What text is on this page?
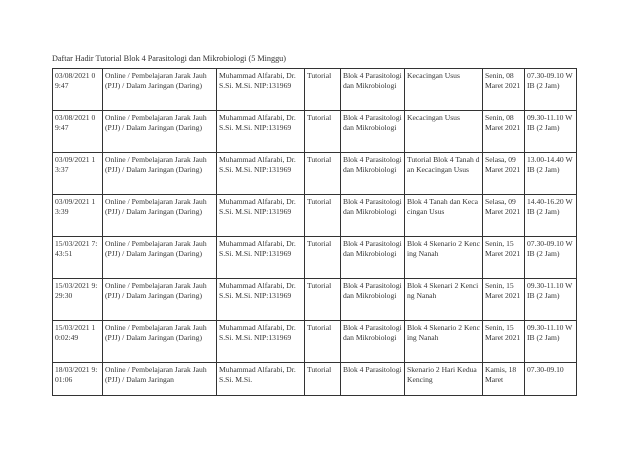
Daftar Hadir Tutorial Blok 4 Parasitologi dan Mikrobiologi (5 Minggu)
03/08/2021 09:47	Online / Pembelajaran Jarak Jauh (PJJ) / Dalam Jaringan (Daring)	Muhammad Alfarabi, Dr. S.Si. M.Si. NIP:131969	Tutorial	Blok 4 Parasitologi dan Mikrobiologi	Kecacingan Usus	Senin, 08 Maret 2021	07.30-09.10 WIB (2 Jam)
03/08/2021 09:47	Online / Pembelajaran Jarak Jauh (PJJ) / Dalam Jaringan (Daring)	Muhammad Alfarabi, Dr. S.Si. M.Si. NIP:131969	Tutorial	Blok 4 Parasitologi dan Mikrobiologi	Kecacingan Usus	Senin, 08 Maret 2021	09.30-11.10 WIB (2 Jam)
03/09/2021 13:37	Online / Pembelajaran Jarak Jauh (PJJ) / Dalam Jaringan (Daring)	Muhammad Alfarabi, Dr. S.Si. M.Si. NIP:131969	Tutorial	Blok 4 Parasitologi dan Mikrobiologi	Tutorial Blok 4 Tanah dan Kecacingan Usus	Selasa, 09 Maret 2021	13.00-14.40 WIB (2 Jam)
03/09/2021 13:39	Online / Pembelajaran Jarak Jauh (PJJ) / Dalam Jaringan (Daring)	Muhammad Alfarabi, Dr. S.Si. M.Si. NIP:131969	Tutorial	Blok 4 Parasitologi dan Mikrobiologi	Blok 4 Tanah dan Kecacingan Usus	Selasa, 09 Maret 2021	14.40-16.20 WIB (2 Jam)
15/03/2021 7:43:51	Online / Pembelajaran Jarak Jauh (PJJ) / Dalam Jaringan (Daring)	Muhammad Alfarabi, Dr. S.Si. M.Si. NIP:131969	Tutorial	Blok 4 Parasitologi dan Mikrobiologi	Blok 4 Skenario 2 Kencing Nanah	Senin, 15 Maret 2021	07.30-09.10 WIB (2 Jam)
15/03/2021 9:29:30	Online / Pembelajaran Jarak Jauh (PJJ) / Dalam Jaringan (Daring)	Muhammad Alfarabi, Dr. S.Si. M.Si. NIP:131969	Tutorial	Blok 4 Parasitologi dan Mikrobiologi	Blok 4 Skenari 2 Kencing Nanah	Senin, 15 Maret 2021	09.30-11.10 WIB (2 Jam)
15/03/2021 10:02:49	Online / Pembelajaran Jarak Jauh (PJJ) / Dalam Jaringan (Daring)	Muhammad Alfarabi, Dr. S.Si. M.Si. NIP:131969	Tutorial	Blok 4 Parasitologi dan Mikrobiologi	Blok 4 Skenario 2 Kencing Nanah	Senin, 15 Maret 2021	09.30-11.10 WIB (2 Jam)
18/03/2021 9:01:06	Online / Pembelajaran Jarak Jauh (PJJ) / Dalam Jaringan	Muhammad Alfarabi, Dr. S.Si. M.Si.	Tutorial	Blok 4 Parasitologi	Skenario 2 Hari Kedua Kencing	Kamis, 18 Maret	07.30-09.10
